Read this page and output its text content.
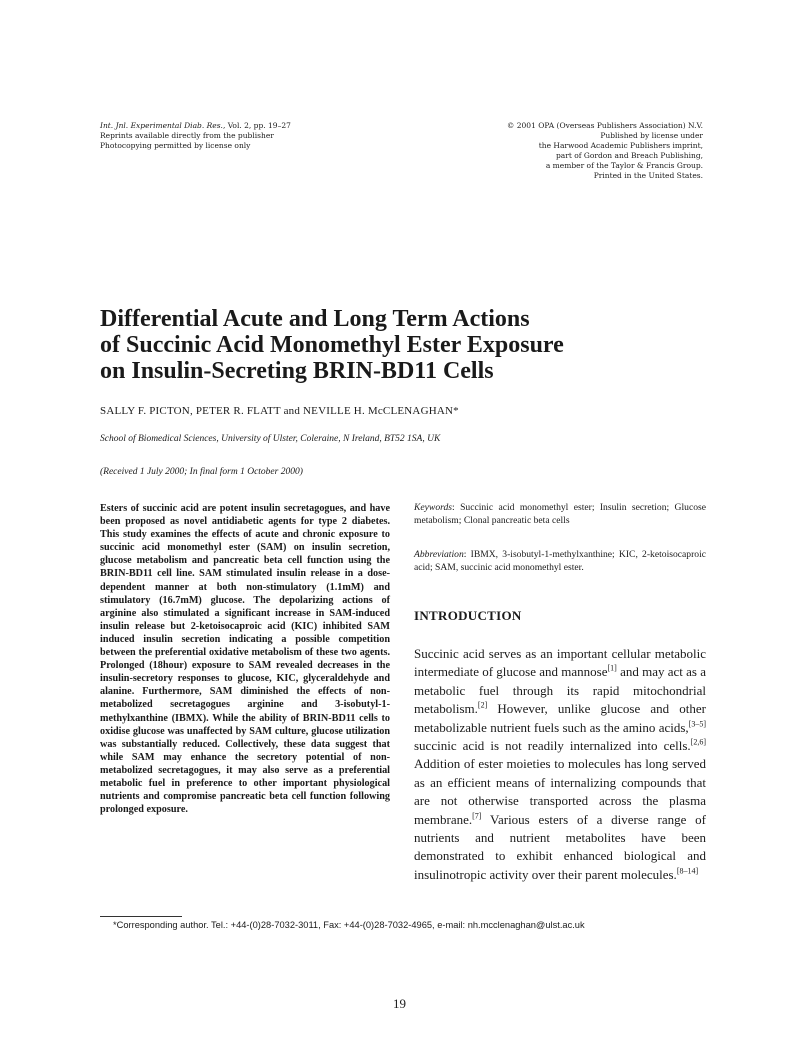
Int. Jnl. Experimental Diab. Res., Vol. 2, pp. 19–27
Reprints available directly from the publisher
Photocopying permitted by license only
© 2001 OPA (Overseas Publishers Association) N.V.
Published by license under
the Harwood Academic Publishers imprint,
part of Gordon and Breach Publishing,
a member of the Taylor & Francis Group.
Printed in the United States.
Differential Acute and Long Term Actions
of Succinic Acid Monomethyl Ester Exposure
on Insulin-Secreting BRIN-BD11 Cells
SALLY F. PICTON, PETER R. FLATT and NEVILLE H. McCLENAGHAN*
School of Biomedical Sciences, University of Ulster, Coleraine, N Ireland, BT52 1SA, UK
(Received 1 July 2000; In final form 1 October 2000)
Esters of succinic acid are potent insulin secretagogues, and have been proposed as novel antidiabetic agents for type 2 diabetes. This study examines the effects of acute and chronic exposure to succinic acid monomethyl ester (SAM) on insulin secretion, glucose metabolism and pancreatic beta cell function using the BRIN-BD11 cell line. SAM stimulated insulin release in a dose-dependent manner at both non-stimulatory (1.1mM) and stimulatory (16.7mM) glucose. The depolarizing actions of arginine also stimulated a significant increase in SAM-induced insulin release but 2-ketoisocaproic acid (KIC) inhibited SAM induced insulin secretion indicating a possible competition between the preferential oxidative metabolism of these two agents. Prolonged (18hour) exposure to SAM revealed decreases in the insulin-secretory responses to glucose, KIC, glyceraldehyde and alanine. Furthermore, SAM diminished the effects of non-metabolized secretagogues arginine and 3-isobutyl-1-methylxanthine (IBMX). While the ability of BRIN-BD11 cells to oxidise glucose was unaffected by SAM culture, glucose utilization was substantially reduced. Collectively, these data suggest that while SAM may enhance the secretory potential of non-metabolized secretagogues, it may also serve as a preferential metabolic fuel in preference to other important physiological nutrients and compromise pancreatic beta cell function following prolonged exposure.
Keywords: Succinic acid monomethyl ester; Insulin secretion; Glucose metabolism; Clonal pancreatic beta cells
Abbreviation: IBMX, 3-isobutyl-1-methylxanthine; KIC, 2-ketoisocaproic acid; SAM, succinic acid monomethyl ester.
INTRODUCTION
Succinic acid serves as an important cellular metabolic intermediate of glucose and mannose[1] and may act as a metabolic fuel through its rapid mitochondrial metabolism.[2] However, unlike glucose and other metabolizable nutrient fuels such as the amino acids,[3–5] succinic acid is not readily internalized into cells.[2,6] Addition of ester moieties to molecules has long served as an efficient means of internalizing compounds that are not otherwise transported across the plasma membrane.[7] Various esters of a diverse range of nutrients and nutrient metabolites have been demonstrated to exhibit enhanced biological and insulinotropic activity over their parent molecules.[8–14]
*Corresponding author. Tel.: +44-(0)28-7032-3011, Fax: +44-(0)28-7032-4965, e-mail: nh.mcclenaghan@ulst.ac.uk
19
